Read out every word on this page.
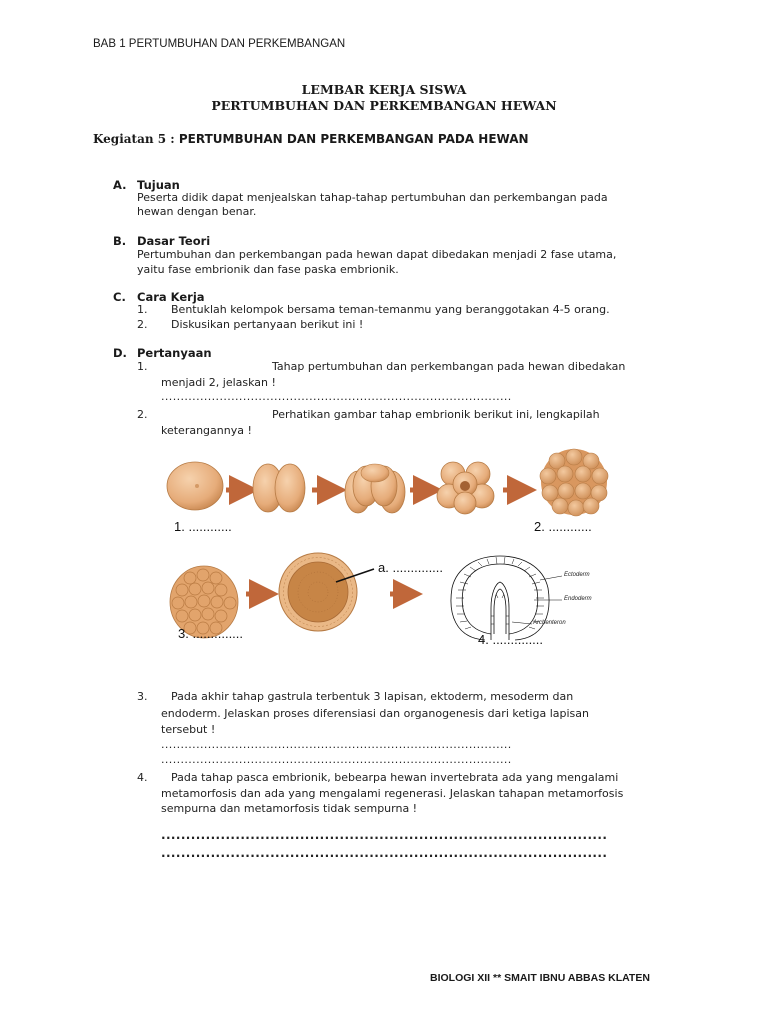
BAB 1 PERTUMBUHAN DAN PERKEMBANGAN
LEMBAR KERJA SISWA
PERTUMBUHAN DAN PERKEMBANGAN HEWAN
Kegiatan 5 : PERTUMBUHAN DAN PERKEMBANGAN PADA HEWAN
A. Tujuan
Peserta didik dapat menjealskan tahap-tahap pertumbuhan dan perkembangan pada
hewan dengan benar.
B. Dasar Teori
Pertumbuhan dan perkembangan pada hewan dapat dibedakan menjadi 2 fase utama,
yaitu fase embrionik dan fase paska embrionik.
C. Cara Kerja
1. Bentuklah kelompok bersama teman-temanmu yang beranggotakan 4-5 orang.
2. Diskusikan pertanyaan berikut ini !
D. Pertanyaan
1.	Tahap pertumbuhan dan perkembangan pada hewan dibedakan
menjadi 2, jelaskan !
..........................................................................................
2.	Perhatikan gambar tahap embrionik berikut ini, lengkapilah
keterangannya !
1. ............	2. ............
3. ..............	4. ..............
a. ..............	Ectoderm
Endoderm
Archenteron
3. Pada akhir tahap gastrula terbentuk 3 lapisan, ektoderm, mesoderm dan
endoderm. Jelaskan proses diferensiasi dan organogenesis dari ketiga lapisan
tersebut !
..........................................................................................
..........................................................................................
4. Pada tahap pasca embrionik, bebearpa hewan invertebrata ada yang mengalami
metamorfosis dan ada yang mengalami regenerasi. Jelaskan tahapan metamorfosis
sempurna dan metamorfosis tidak sempurna !
..........................................................................................
..........................................................................................
BIOLOGI XII ** SMAIT IBNU ABBAS KLATEN
